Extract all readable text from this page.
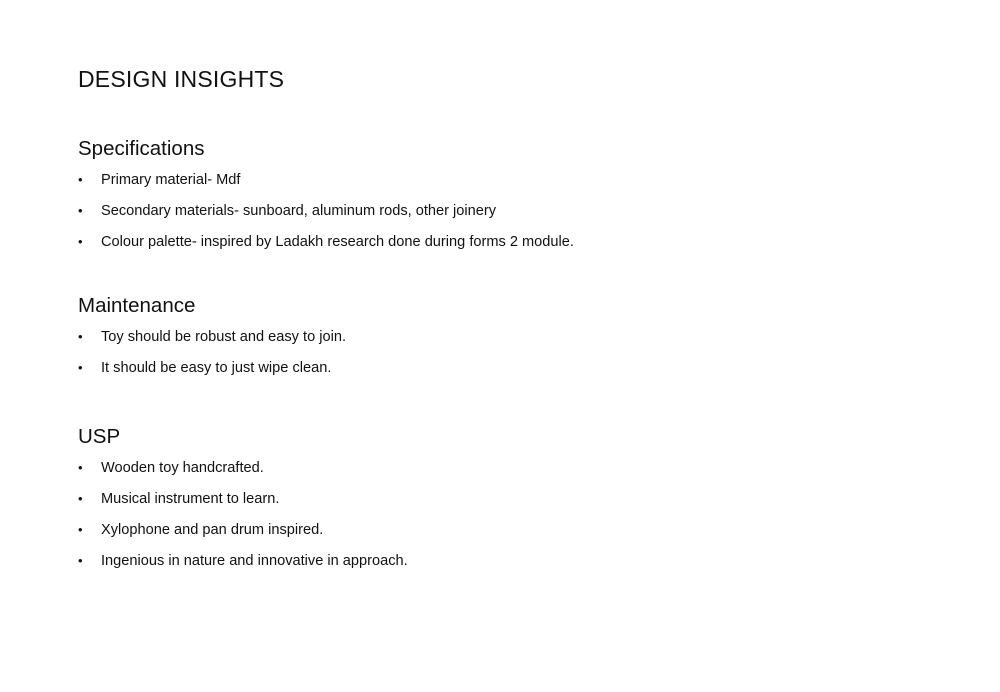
DESIGN INSIGHTS
Specifications
• Primary material- Mdf
• Secondary materials- sunboard, aluminum rods, other joinery
• Colour palette- inspired by Ladakh research done during forms 2 module.
Maintenance
• Toy should be robust and easy to join.
• It should be easy to just wipe clean.
USP
• Wooden toy handcrafted.
• Musical instrument to learn.
• Xylophone and pan drum inspired.
• Ingenious in nature and innovative in approach.
